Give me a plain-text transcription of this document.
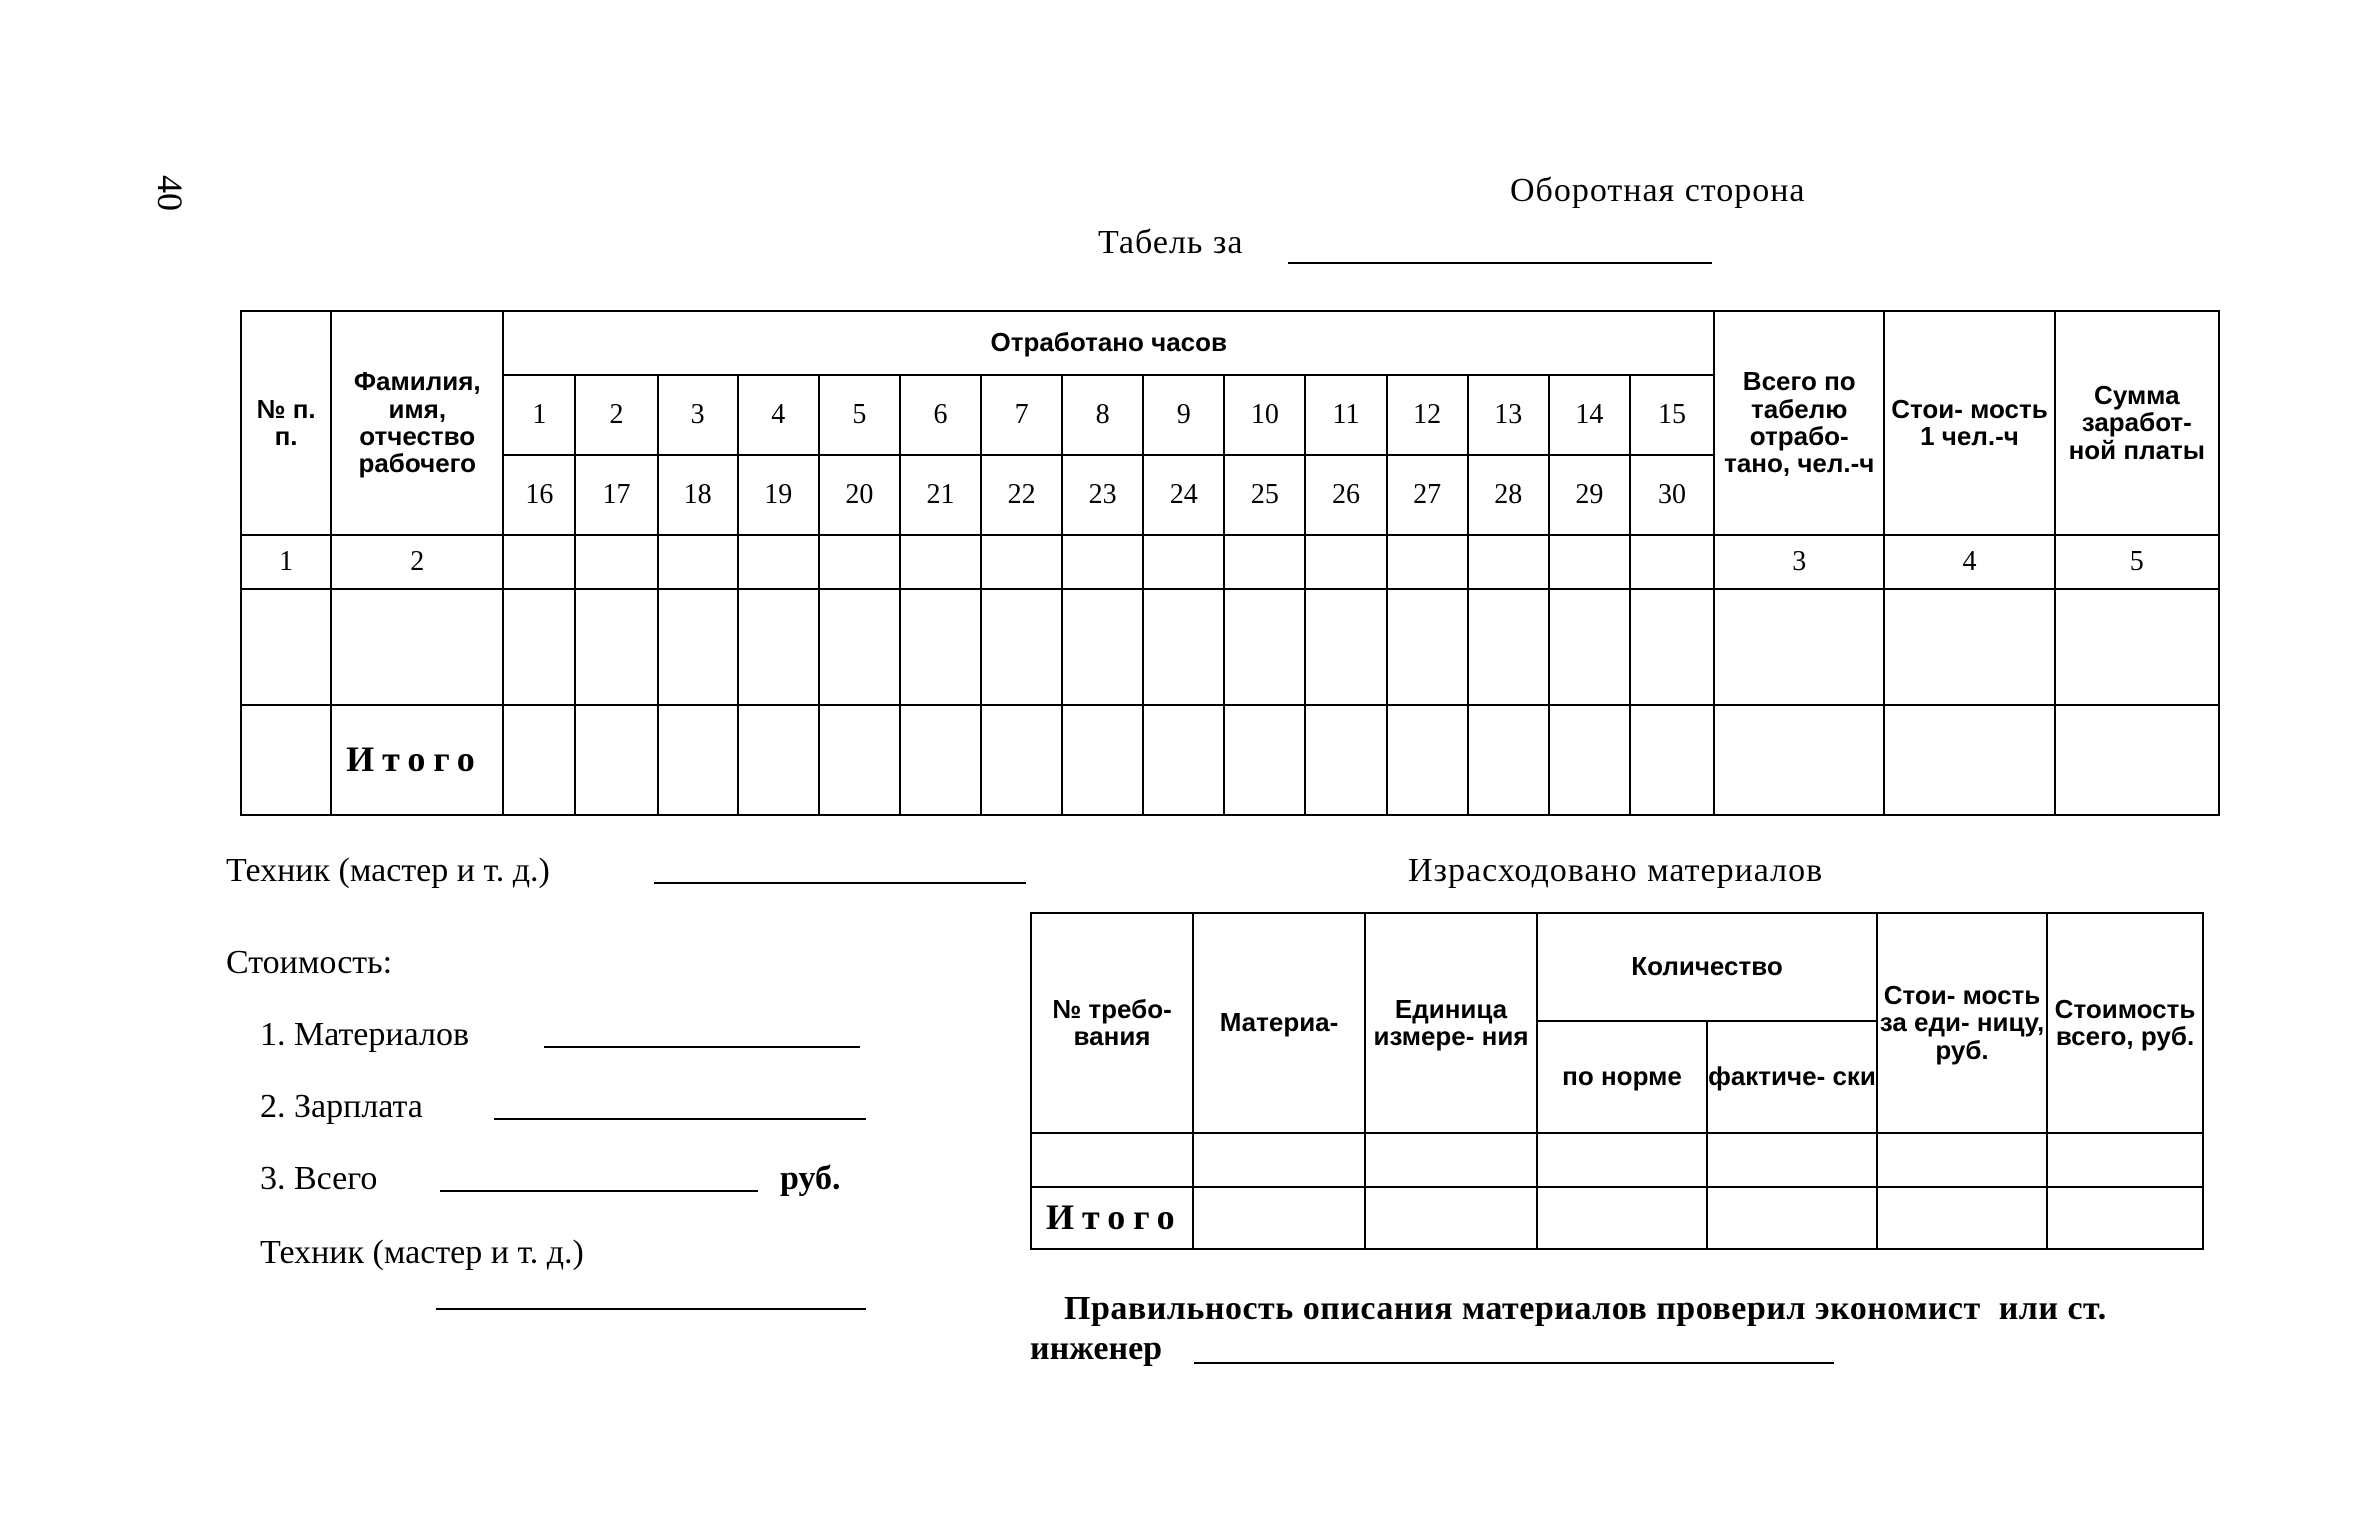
40	Оборотная сторона
Табель за
№ п. п.	Фамилия, имя, отчество рабочего	Отработано часов															Всего по табелю отрабо- тано, чел.-ч	Стои- мость 1 чел.-ч	Сумма заработ- ной платы
		1	2	3	4	5	6	7	8	9	10	11	12	13	14	15			
		16	17	18	19	20	21	22	23	24	25	26	27	28	29	30			
1	2																3	4	5

	Итого																		
Техник (мастер и т. д.)
Стоимость:
1. Материалов
2. Зарплата
3. Всего	руб.
Техник (мастер и т. д.)
Израсходовано материалов
№ требо- вания	Материа-	Единица измере- ния	Количество		Стои- мость за еди- ницу, руб.	Стоимость всего, руб.
			по норме	фактиче- ски		

Итого						
Правильность описания материалов проверил экономист  или ст.
инженер
